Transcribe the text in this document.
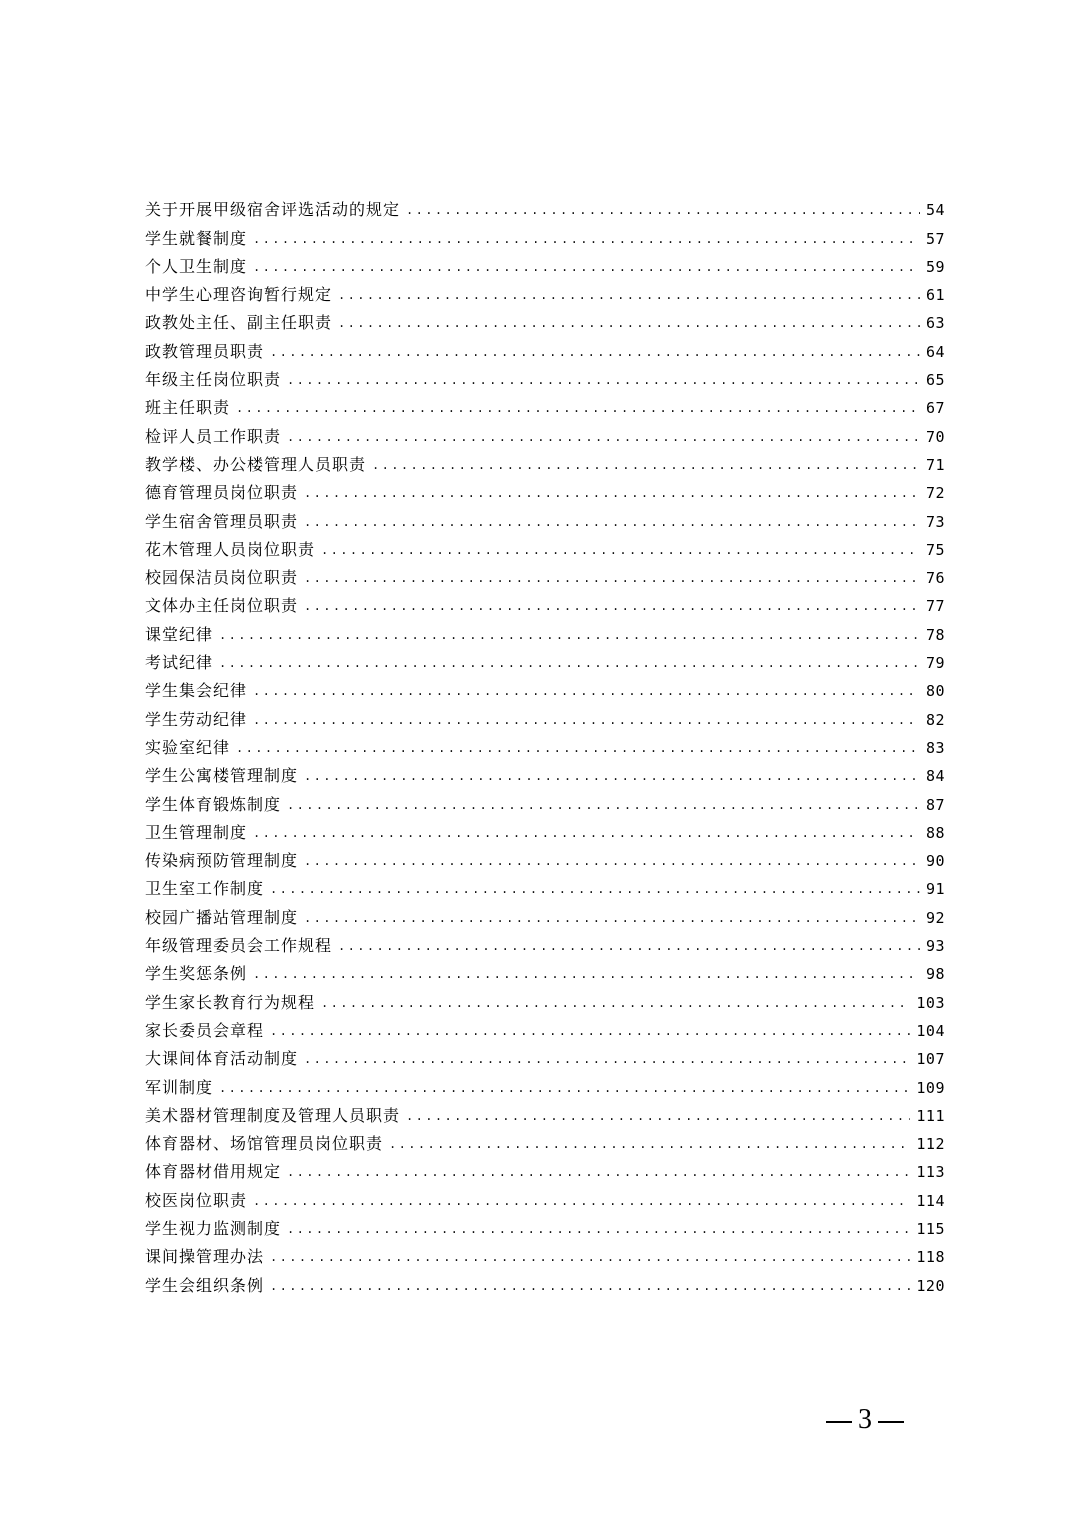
关于开展甲级宿舍评选活动的规定 .....	54
学生就餐制度 .....	57
个人卫生制度 .....	59
中学生心理咨询暂行规定 .....	61
政教处主任、副主任职责 .....	63
政教管理员职责 .....	64
年级主任岗位职责 .....	65
班主任职责 .....	67
检评人员工作职责 .....	70
教学楼、办公楼管理人员职责 .....	71
德育管理员岗位职责 .....	72
学生宿舍管理员职责 .....	73
花木管理人员岗位职责 .....	75
校园保洁员岗位职责 .....	76
文体办主任岗位职责 .....	77
课堂纪律 .....	78
考试纪律 .....	79
学生集会纪律 .....	80
学生劳动纪律 .....	82
实验室纪律 .....	83
学生公寓楼管理制度 .....	84
学生体育锻炼制度 .....	87
卫生管理制度 .....	88
传染病预防管理制度 .....	90
卫生室工作制度 .....	91
校园广播站管理制度 .....	92
年级管理委员会工作规程 .....	93
学生奖惩条例 .....	98
学生家长教育行为规程 .....	103
家长委员会章程 .....	104
大课间体育活动制度 .....	107
军训制度 .....	109
美术器材管理制度及管理人员职责 .....	111
体育器材、场馆管理员岗位职责 .....	112
体育器材借用规定 .....	113
校医岗位职责 .....	114
学生视力监测制度 .....	115
课间操管理办法 .....	118
学生会组织条例 .....	120
3
